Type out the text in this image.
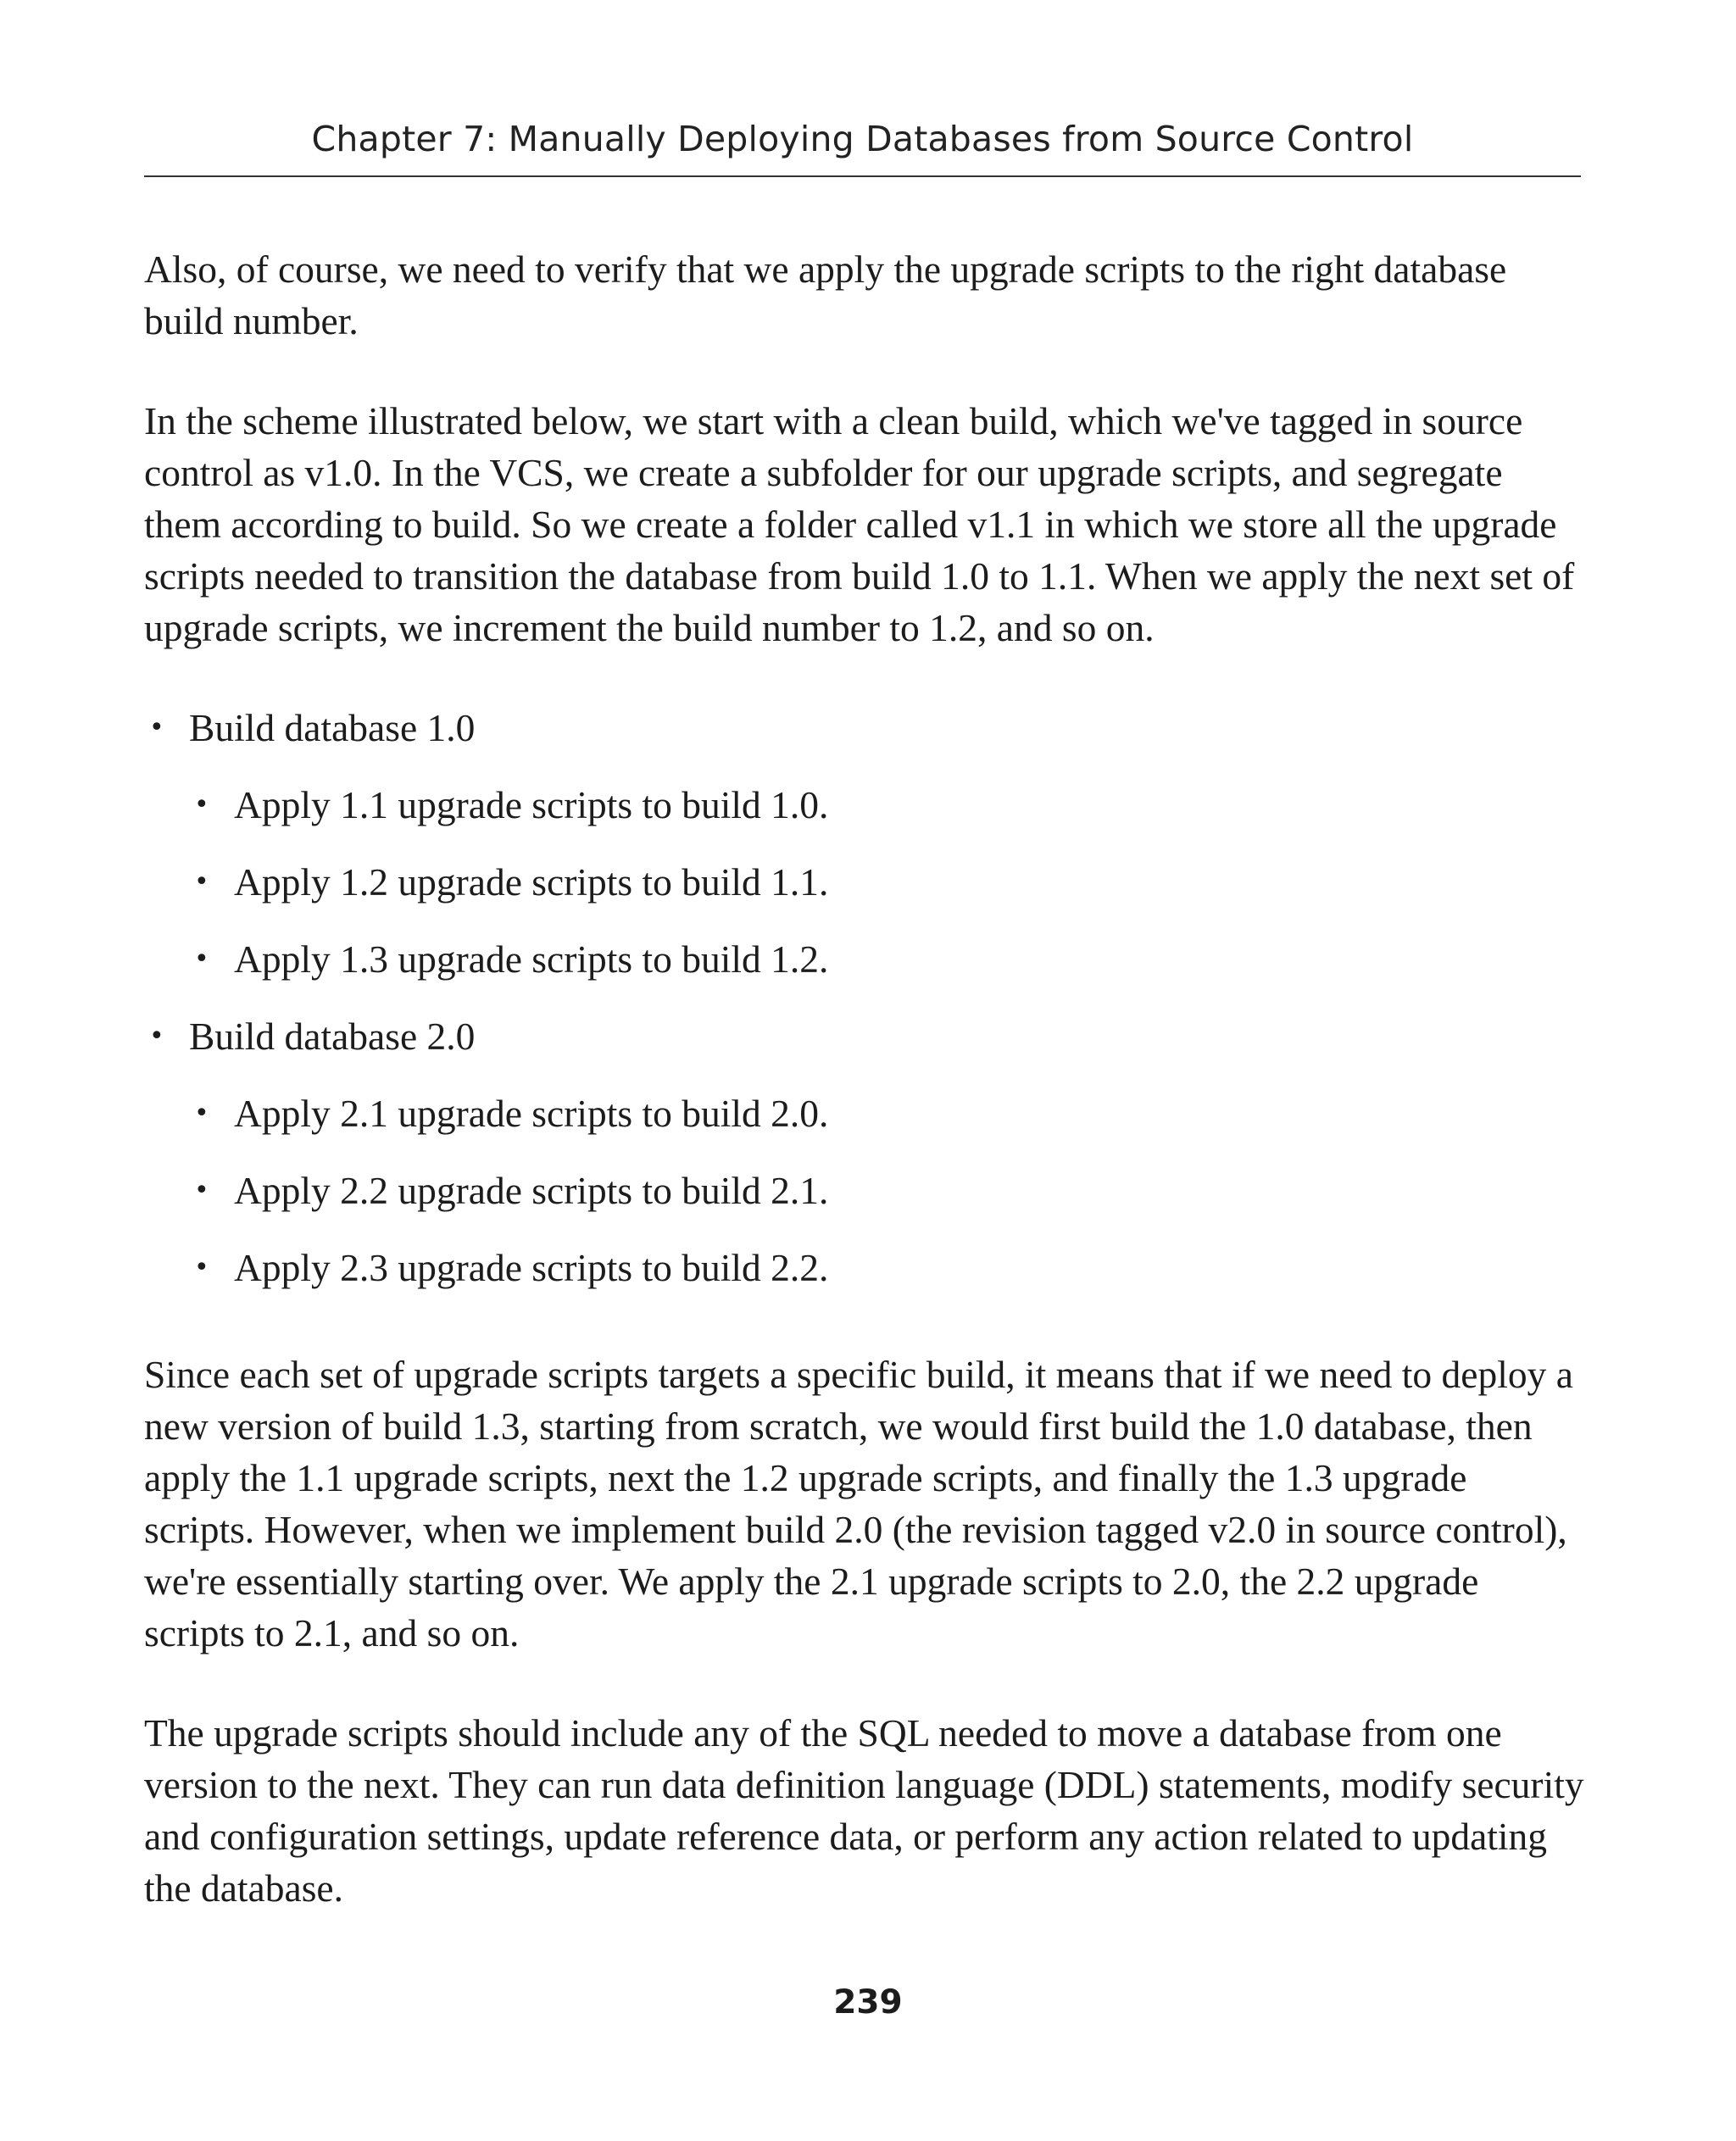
Chapter 7: Manually Deploying Databases from Source Control

Also, of course, we need to verify that we apply the upgrade scripts to the right database build number.

In the scheme illustrated below, we start with a clean build, which we've tagged in source control as v1.0. In the VCS, we create a subfolder for our upgrade scripts, and segregate them according to build. So we create a folder called v1.1 in which we store all the upgrade scripts needed to transition the database from build 1.0 to 1.1. When we apply the next set of upgrade scripts, we increment the build number to 1.2, and so on.

• Build database 1.0
• Apply 1.1 upgrade scripts to build 1.0.
• Apply 1.2 upgrade scripts to build 1.1.
• Apply 1.3 upgrade scripts to build 1.2.
• Build database 2.0
• Apply 2.1 upgrade scripts to build 2.0.
• Apply 2.2 upgrade scripts to build 2.1.
• Apply 2.3 upgrade scripts to build 2.2.

Since each set of upgrade scripts targets a specific build, it means that if we need to deploy a new version of build 1.3, starting from scratch, we would first build the 1.0 database, then apply the 1.1 upgrade scripts, next the 1.2 upgrade scripts, and finally the 1.3 upgrade scripts. However, when we implement build 2.0 (the revision tagged v2.0 in source control), we're essentially starting over. We apply the 2.1 upgrade scripts to 2.0, the 2.2 upgrade scripts to 2.1, and so on.

The upgrade scripts should include any of the SQL needed to move a database from one version to the next. They can run data definition language (DDL) statements, modify security and configuration settings, update reference data, or perform any action related to updating the database.

239
